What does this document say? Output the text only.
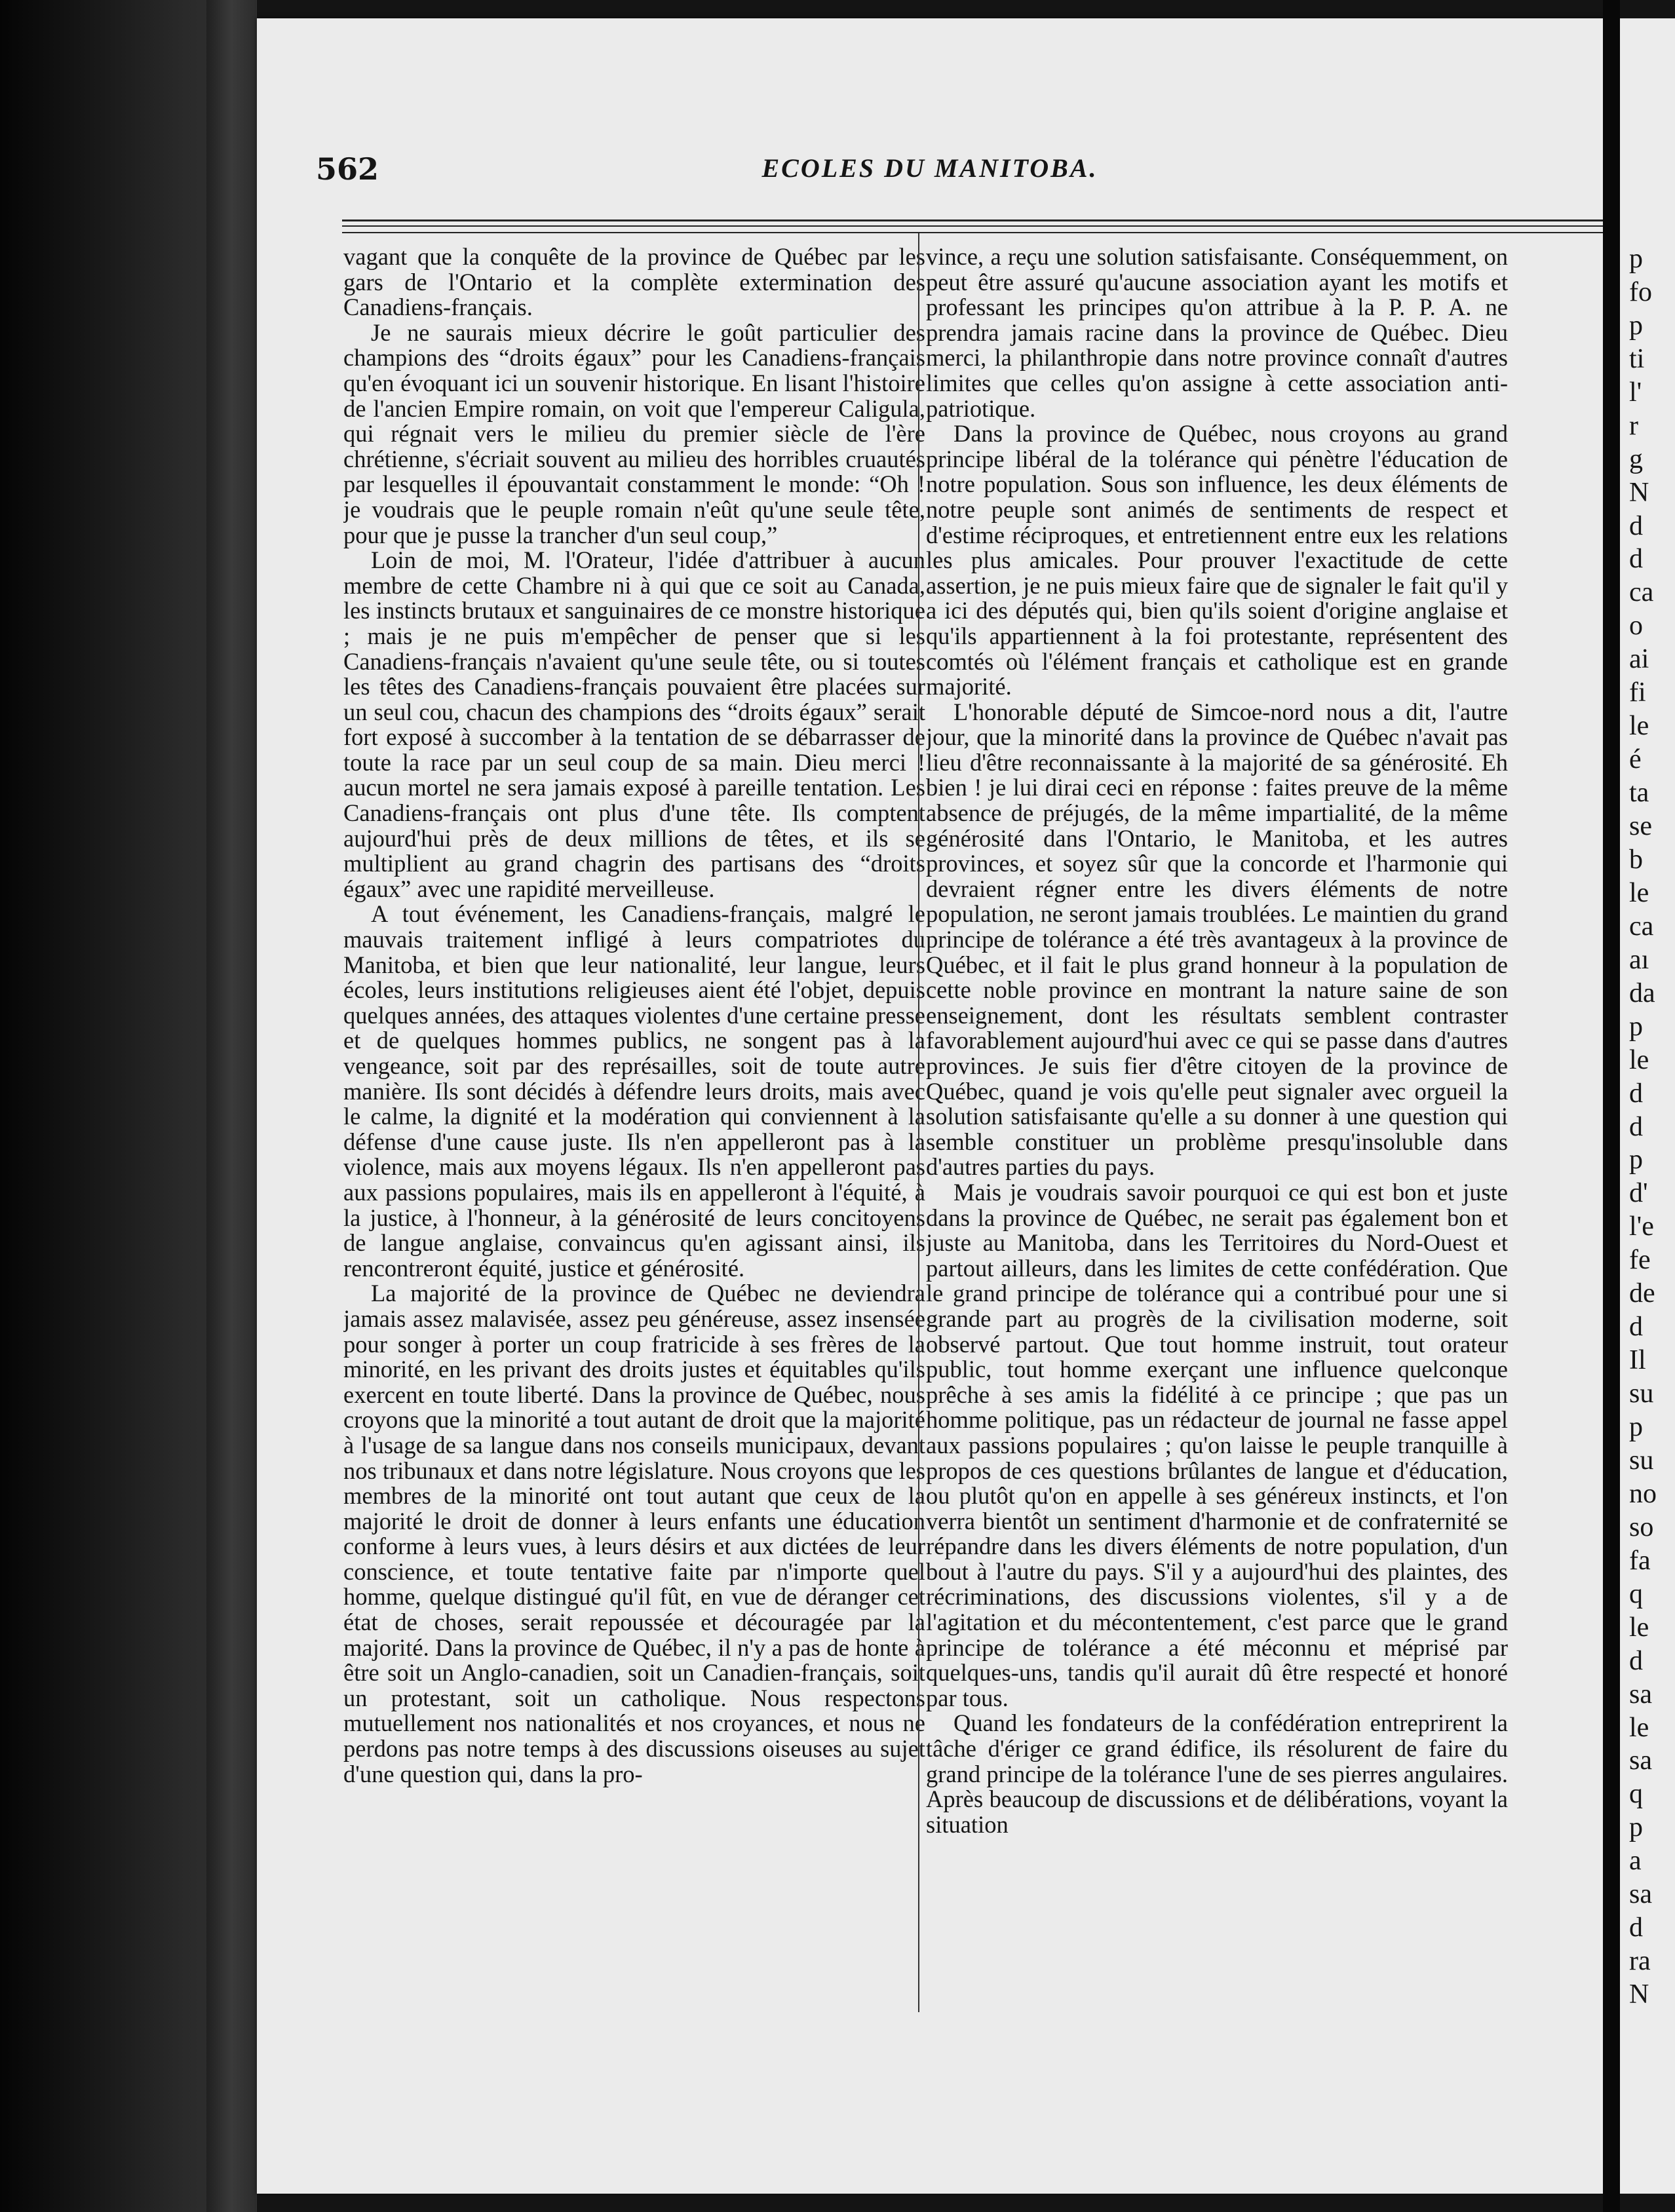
562	ECOLES DU MANITOBA.

vagant que la conquête de la province de Québec par les gars de l'Ontario et la complète extermination des Canadiens-français.

Je ne saurais mieux décrire le goût particulier des champions des “droits égaux” pour les Canadiens-français qu'en évoquant ici un souvenir historique. En lisant l'histoire de l'ancien Empire romain, on voit que l'empereur Caligula, qui régnait vers le milieu du premier siècle de l'ère chrétienne, s'écriait souvent au milieu des horribles cruautés par lesquelles il épouvantait constamment le monde: “Oh ! je voudrais que le peuple romain n'eût qu'une seule tête, pour que je pusse la trancher d'un seul coup,”

Loin de moi, M. l'Orateur, l'idée d'attribuer à aucun membre de cette Chambre ni à qui que ce soit au Canada, les instincts brutaux et sanguinaires de ce monstre historique ; mais je ne puis m'empêcher de penser que si les Canadiens-français n'avaient qu'une seule tête, ou si toutes les têtes des Canadiens-français pouvaient être placées sur un seul cou, chacun des champions des “droits égaux” serait fort exposé à succomber à la tentation de se débarrasser de toute la race par un seul coup de sa main. Dieu merci ! aucun mortel ne sera jamais exposé à pareille tentation. Les Canadiens-français ont plus d'une tête. Ils comptent aujourd'hui près de deux millions de têtes, et ils se multiplient au grand chagrin des partisans des “droits égaux” avec une rapidité merveilleuse.

A tout événement, les Canadiens-français, malgré le mauvais traitement infligé à leurs compatriotes du Manitoba, et bien que leur nationalité, leur langue, leurs écoles, leurs institutions religieuses aient été l'objet, depuis quelques années, des attaques violentes d'une certaine presse et de quelques hommes publics, ne songent pas à la vengeance, soit par des représailles, soit de toute autre manière. Ils sont décidés à défendre leurs droits, mais avec le calme, la dignité et la modération qui conviennent à la défense d'une cause juste. Ils n'en appelleront pas à la violence, mais aux moyens légaux. Ils n'en appelleront pas aux passions populaires, mais ils en appelleront à l'équité, à la justice, à l'honneur, à la générosité de leurs concitoyens de langue anglaise, convaincus qu'en agissant ainsi, ils rencontreront équité, justice et générosité.

La majorité de la province de Québec ne deviendra jamais assez malavisée, assez peu généreuse, assez insensée pour songer à porter un coup fratricide à ses frères de la minorité, en les privant des droits justes et équitables qu'ils exercent en toute liberté. Dans la province de Québec, nous croyons que la minorité a tout autant de droit que la majorité à l'usage de sa langue dans nos conseils municipaux, devant nos tribunaux et dans notre législature. Nous croyons que les membres de la minorité ont tout autant que ceux de la majorité le droit de donner à leurs enfants une éducation conforme à leurs vues, à leurs désirs et aux dictées de leur conscience, et toute tentative faite par n'importe quel homme, quelque distingué qu'il fût, en vue de déranger cet état de choses, serait repoussée et découragée par la majorité. Dans la province de Québec, il n'y a pas de honte à être soit un Anglo-canadien, soit un Canadien-français, soit un protestant, soit un catholique. Nous respectons mutuellement nos nationalités et nos croyances, et nous ne perdons pas notre temps à des discussions oiseuses au sujet d'une question qui, dans la pro-

vince, a reçu une solution satisfaisante. Conséquemment, on peut être assuré qu'aucune association ayant les motifs et professant les principes qu'on attribue à la P. P. A. ne prendra jamais racine dans la province de Québec. Dieu merci, la philanthropie dans notre province connaît d'autres limites que celles qu'on assigne à cette association anti-patriotique.

Dans la province de Québec, nous croyons au grand principe libéral de la tolérance qui pénètre l'éducation de notre population. Sous son influence, les deux éléments de notre peuple sont animés de sentiments de respect et d'estime réciproques, et entretiennent entre eux les relations les plus amicales. Pour prouver l'exactitude de cette assertion, je ne puis mieux faire que de signaler le fait qu'il y a ici des députés qui, bien qu'ils soient d'origine anglaise et qu'ils appartiennent à la foi protestante, représentent des comtés où l'élément français et catholique est en grande majorité.

L'honorable député de Simcoe-nord nous a dit, l'autre jour, que la minorité dans la province de Québec n'avait pas lieu d'être reconnaissante à la majorité de sa générosité. Eh bien ! je lui dirai ceci en réponse : faites preuve de la même absence de préjugés, de la même impartialité, de la même générosité dans l'Ontario, le Manitoba, et les autres provinces, et soyez sûr que la concorde et l'harmonie qui devraient régner entre les divers éléments de notre population, ne seront jamais troublées. Le maintien du grand principe de tolérance a été très avantageux à la province de Québec, et il fait le plus grand honneur à la population de cette noble province en montrant la nature saine de son enseignement, dont les résultats semblent contraster favorablement aujourd'hui avec ce qui se passe dans d'autres provinces. Je suis fier d'être citoyen de la province de Québec, quand je vois qu'elle peut signaler avec orgueil la solution satisfaisante qu'elle a su donner à une question qui semble constituer un problème presqu'insoluble dans d'autres parties du pays.

Mais je voudrais savoir pourquoi ce qui est bon et juste dans la province de Québec, ne serait pas également bon et juste au Manitoba, dans les Territoires du Nord-Ouest et partout ailleurs, dans les limites de cette confédération. Que le grand principe de tolérance qui a contribué pour une si grande part au progrès de la civilisation moderne, soit observé partout. Que tout homme instruit, tout orateur public, tout homme exerçant une influence quelconque prêche à ses amis la fidélité à ce principe ; que pas un homme politique, pas un rédacteur de journal ne fasse appel aux passions populaires ; qu'on laisse le peuple tranquille à propos de ces questions brûlantes de langue et d'éducation, ou plutôt qu'on en appelle à ses généreux instincts, et l'on verra bientôt un sentiment d'harmonie et de confraternité se répandre dans les divers éléments de notre population, d'un bout à l'autre du pays. S'il y a aujourd'hui des plaintes, des récriminations, des discussions violentes, s'il y a de l'agitation et du mécontentement, c'est parce que le grand principe de tolérance a été méconnu et méprisé par quelques-uns, tandis qu'il aurait dû être respecté et honoré par tous.

Quand les fondateurs de la confédération entreprirent la tâche d'ériger ce grand édifice, ils résolurent de faire du grand principe de la tolérance l'une de ses pierres angulaires. Après beaucoup de discussions et de délibérations, voyant la situation

p
fo
p
ti
l'
r
g
N
d
d
ca
o
ai
fi
le
é
ta
se
b
le
ca
aı
da
p
le
d
d
p
d'
l'e
fe
de
d
Il
su
p
su
no
so
fa
q
le
d
sa
le
sa
q
p
a
sa
d
ra
N
